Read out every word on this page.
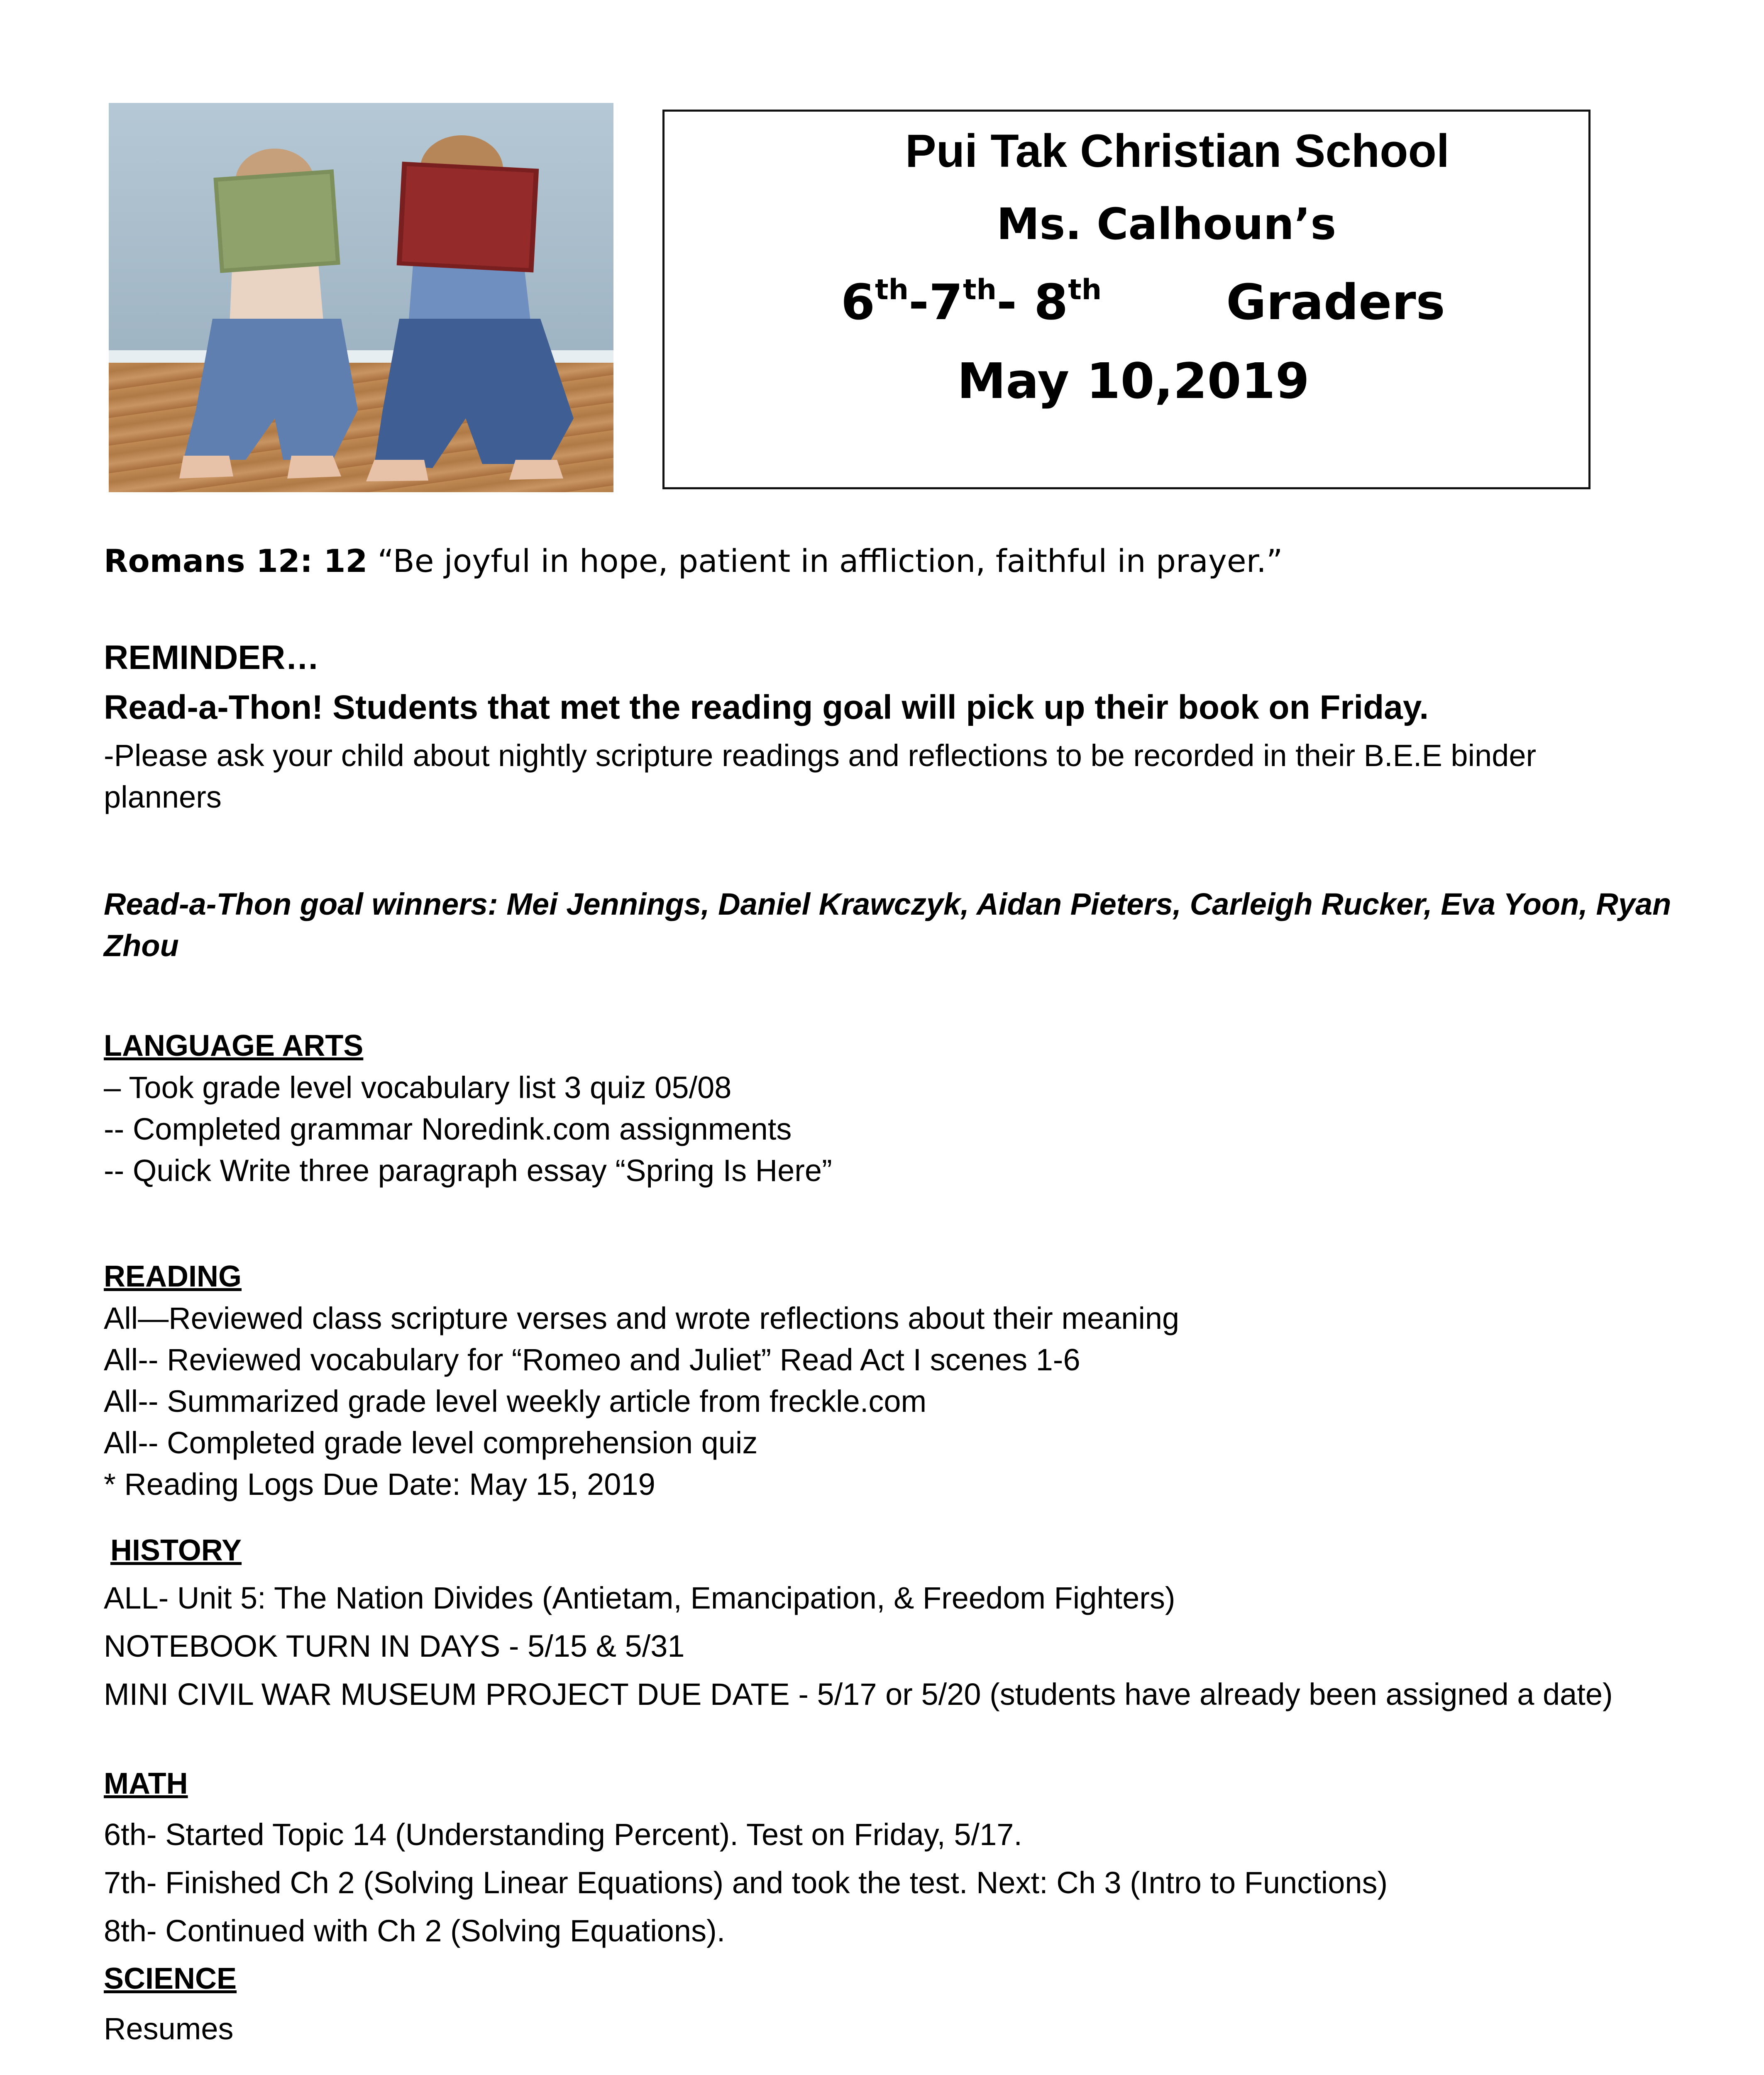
Pui Tak Christian School
Ms. Calhoun’s
6th-7th- 8th	Graders
May 10,2019
Romans 12: 12 “Be joyful in hope, patient in affliction, faithful in prayer.”
REMINDER…
Read-a-Thon! Students that met the reading goal will pick up their book on Friday.
-Please ask your child about nightly scripture readings and reflections to be recorded in their B.E.E binder
planners
Read-a-Thon goal winners: Mei Jennings, Daniel Krawczyk, Aidan Pieters, Carleigh Rucker, Eva Yoon, Ryan
Zhou
LANGUAGE ARTS
– Took grade level vocabulary list 3 quiz 05/08
-- Completed grammar Noredink.com assignments
-- Quick Write three paragraph essay “Spring Is Here”
READING
All—Reviewed class scripture verses and wrote reflections about their meaning
All-- Reviewed vocabulary for “Romeo and Juliet” Read Act I scenes 1-6
All-- Summarized grade level weekly article from freckle.com
All-- Completed grade level comprehension quiz
* Reading Logs Due Date: May 15, 2019
HISTORY
ALL- Unit 5: The Nation Divides (Antietam, Emancipation, & Freedom Fighters)
NOTEBOOK TURN IN DAYS - 5/15 & 5/31
MINI CIVIL WAR MUSEUM PROJECT DUE DATE - 5/17 or 5/20 (students have already been assigned a date)
MATH
6th- Started Topic 14 (Understanding Percent). Test on Friday, 5/17.
7th- Finished Ch 2 (Solving Linear Equations) and took the test. Next: Ch 3 (Intro to Functions)
8th- Continued with Ch 2 (Solving Equations).
SCIENCE
Resumes
